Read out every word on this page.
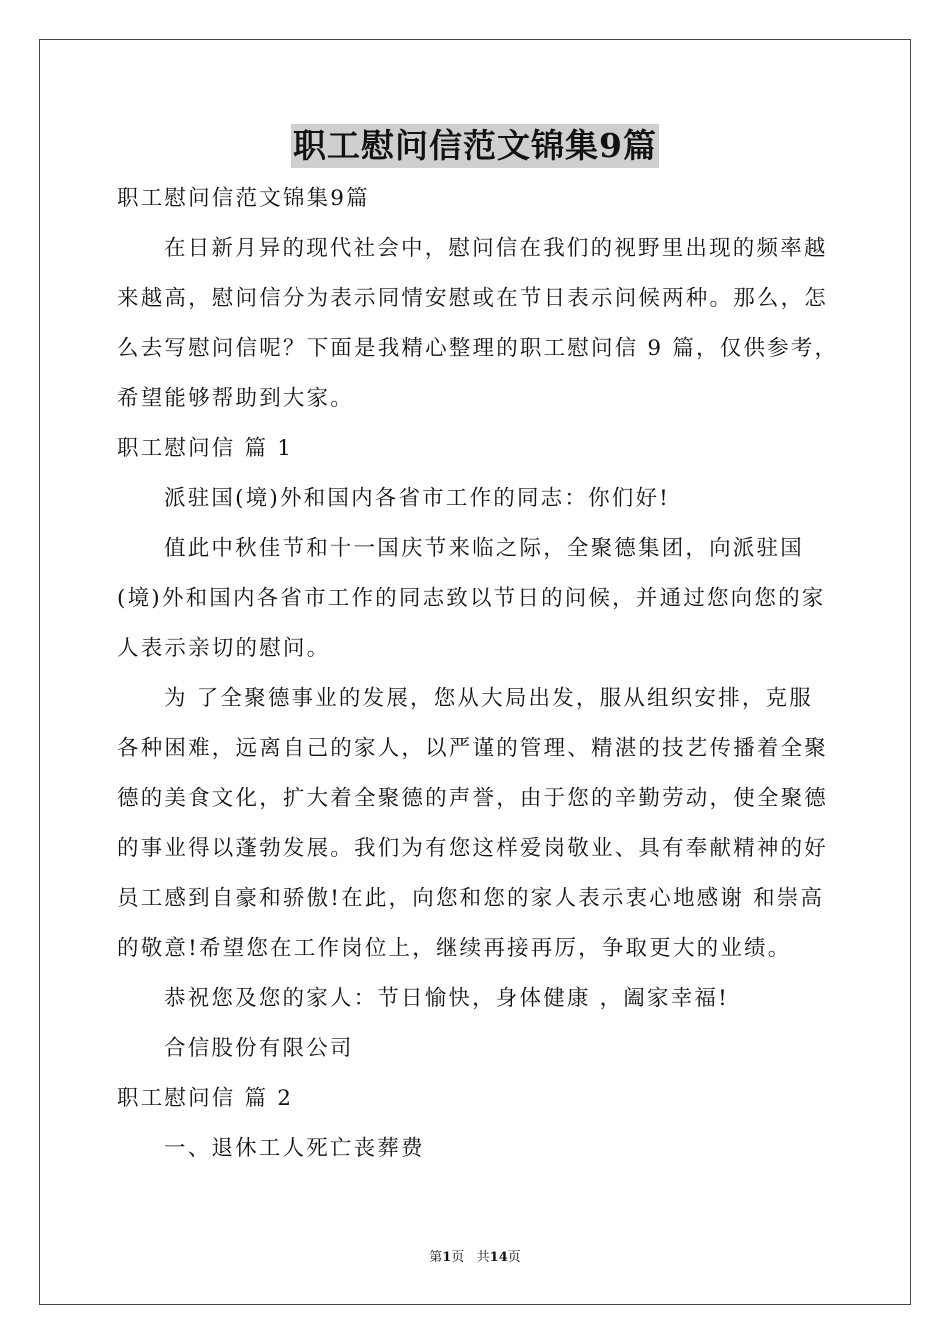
职工慰问信范文锦集9篇
职工慰问信范文锦集9篇
在日新月异的现代社会中，慰问信在我们的视野里出现的频率越
来越高，慰问信分为表示同情安慰或在节日表示问候两种。那么，怎
么去写慰问信呢？下面是我精心整理的职工慰问信 9 篇，仅供参考，
希望能够帮助到大家。
职工慰问信 篇 1
派驻国(境)外和国内各省市工作的同志：你们好!
值此中秋佳节和十一国庆节来临之际，全聚德集团，向派驻国
(境)外和国内各省市工作的同志致以节日的问候，并通过您向您的家
人表示亲切的慰问。
为 了全聚德事业的发展，您从大局出发，服从组织安排，克服
各种困难，远离自己的家人，以严谨的管理、精湛的技艺传播着全聚
德的美食文化，扩大着全聚德的声誉，由于您的辛勤劳动，使全聚德
的事业得以蓬勃发展。我们为有您这样爱岗敬业、具有奉献精神的好
员工感到自豪和骄傲!在此，向您和您的家人表示衷心地感谢 和崇高
的敬意!希望您在工作岗位上，继续再接再厉，争取更大的业绩。
恭祝您及您的家人：节日愉快，身体健康 ，阖家幸福!
合信股份有限公司
职工慰问信 篇 2
一、退休工人死亡丧葬费
第1页   共14页
